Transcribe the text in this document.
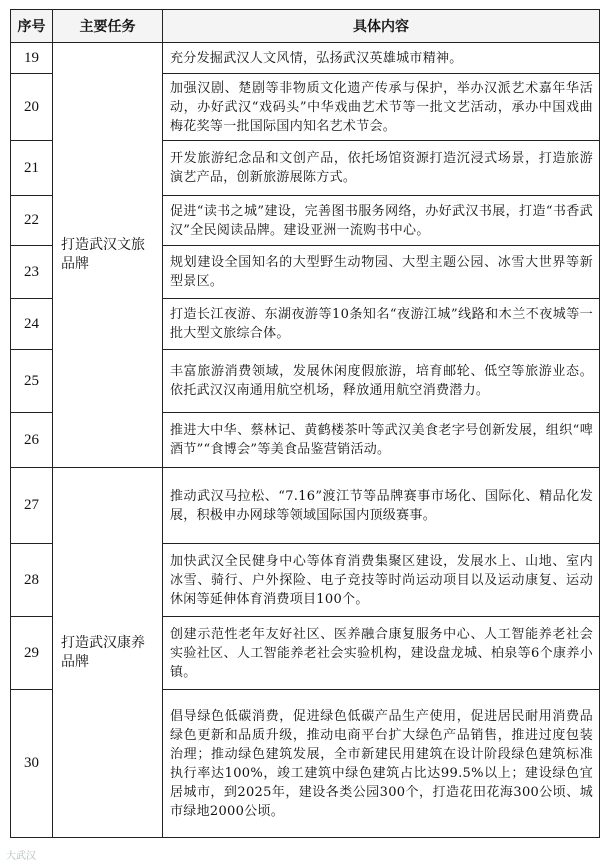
序号	主要任务	具体内容
19	打造武汉文旅品牌	充分发掘武汉人文风情，弘扬武汉英雄城市精神。
20		加强汉剧、楚剧等非物质文化遗产传承与保护，举办汉派艺术嘉年华活动，办好武汉“戏码头”中华戏曲艺术节等一批文艺活动，承办中国戏曲梅花奖等一批国际国内知名艺术节会。
21		开发旅游纪念品和文创产品，依托场馆资源打造沉浸式场景，打造旅游演艺产品，创新旅游展陈方式。
22		促进“读书之城”建设，完善图书服务网络，办好武汉书展，打造“书香武汉”全民阅读品牌。建设亚洲一流购书中心。
23		规划建设全国知名的大型野生动物园、大型主题公园、冰雪大世界等新型景区。
24		打造长江夜游、东湖夜游等10条知名“夜游江城”线路和木兰不夜城等一批大型文旅综合体。
25		丰富旅游消费领域，发展休闲度假旅游，培育邮轮、低空等旅游业态。依托武汉汉南通用航空机场，释放通用航空消费潜力。
26		推进大中华、蔡林记、黄鹤楼茶叶等武汉美食老字号创新发展，组织“啤酒节”“食博会”等美食品鉴营销活动。
27	打造武汉康养品牌	推动武汉马拉松、“7.16”渡江节等品牌赛事市场化、国际化、精品化发展，积极申办网球等领域国际国内顶级赛事。
28		加快武汉全民健身中心等体育消费集聚区建设，发展水上、山地、室内冰雪、骑行、户外探险、电子竞技等时尚运动项目以及运动康复、运动休闲等延伸体育消费项目100个。
29		创建示范性老年友好社区、医养融合康复服务中心、人工智能养老社会实验社区、人工智能养老社会实验机构，建设盘龙城、柏泉等6个康养小镇。
30		倡导绿色低碳消费，促进绿色低碳产品生产使用，促进居民耐用消费品绿色更新和品质升级，推动电商平台扩大绿色产品销售，推进过度包装治理；推动绿色建筑发展，全市新建民用建筑在设计阶段绿色建筑标准执行率达100%，竣工建筑中绿色建筑占比达99.5%以上；建设绿色宜居城市，到2025年，建设各类公园300个，打造花田花海300公顷、城市绿地2000公顷。
大武汉
